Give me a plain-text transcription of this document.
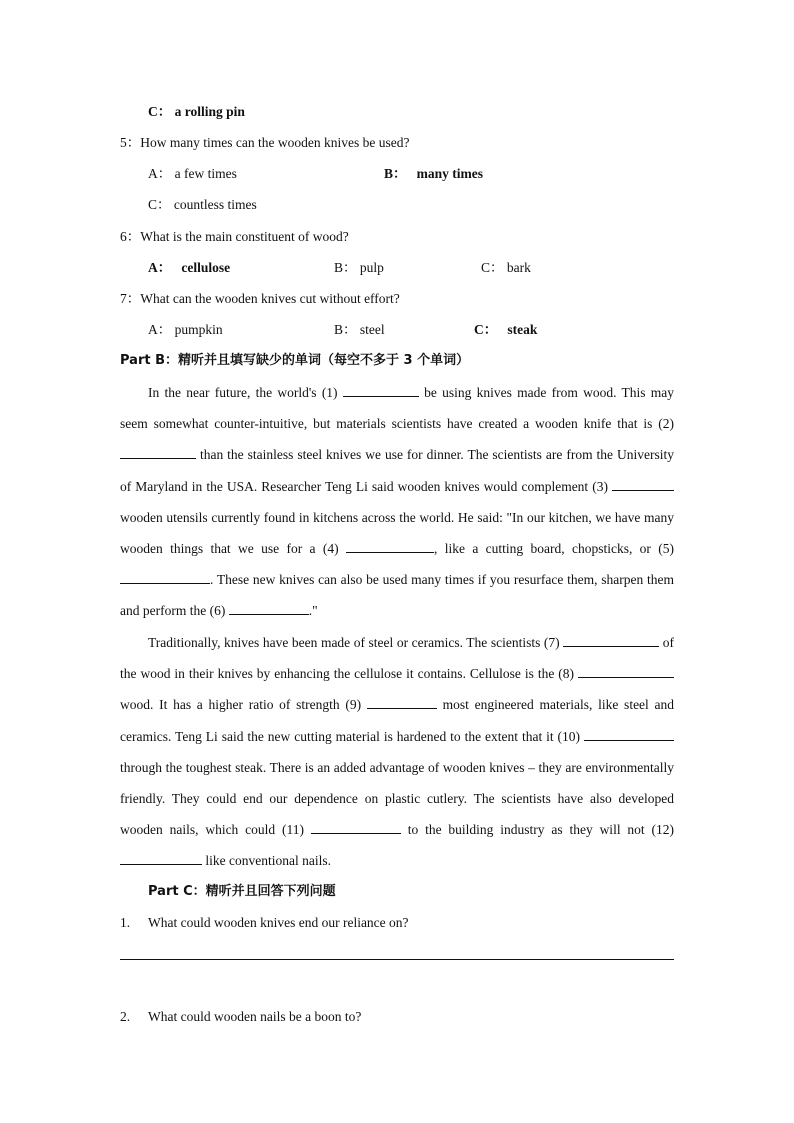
C： a rolling pin
5：How many times can the wooden knives be used?
A： a few times	B： many times
C： countless times
6：What is the main constituent of wood?
A： cellulose	B： pulp	C： bark
7：What can the wooden knives cut without effort?
A： pumpkin	B： steel	C： steak
Part B：精听并且填写缺少的单词（每空不多于 3 个单词）

In the near future, the world's (1)	be using knives made from wood. This may seem somewhat counter-intuitive, but materials scientists have created a wooden knife that is (2)  than the stainless steel knives we use for dinner. The scientists are from the University of Maryland in the USA. Researcher Teng Li said wooden knives would complement (3)  wooden utensils currently found in kitchens across the world. He said: "In our kitchen, we have many wooden things that we use for a (4)	, like a cutting board, chopsticks, or (5) . These new knives can also be used many times if you resurface them, sharpen them and perform the (6)	."

Traditionally, knives have been made of steel or ceramics. The scientists (7)	of the wood in their knives by enhancing the cellulose it contains. Cellulose is the (8)  wood. It has a higher ratio of strength (9)	most engineered materials, like steel and ceramics. Teng Li said the new cutting material is hardened to the extent that it (10)  through the toughest steak. There is an added advantage of wooden knives – they are environmentally friendly. They could end our dependence on plastic cutlery. The scientists have also developed wooden nails, which could (11)	to the building industry as they will not (12)  like conventional nails.

Part C：精听并且回答下列问题
1. What could wooden knives end our reliance on?
2. What could wooden nails be a boon to?
